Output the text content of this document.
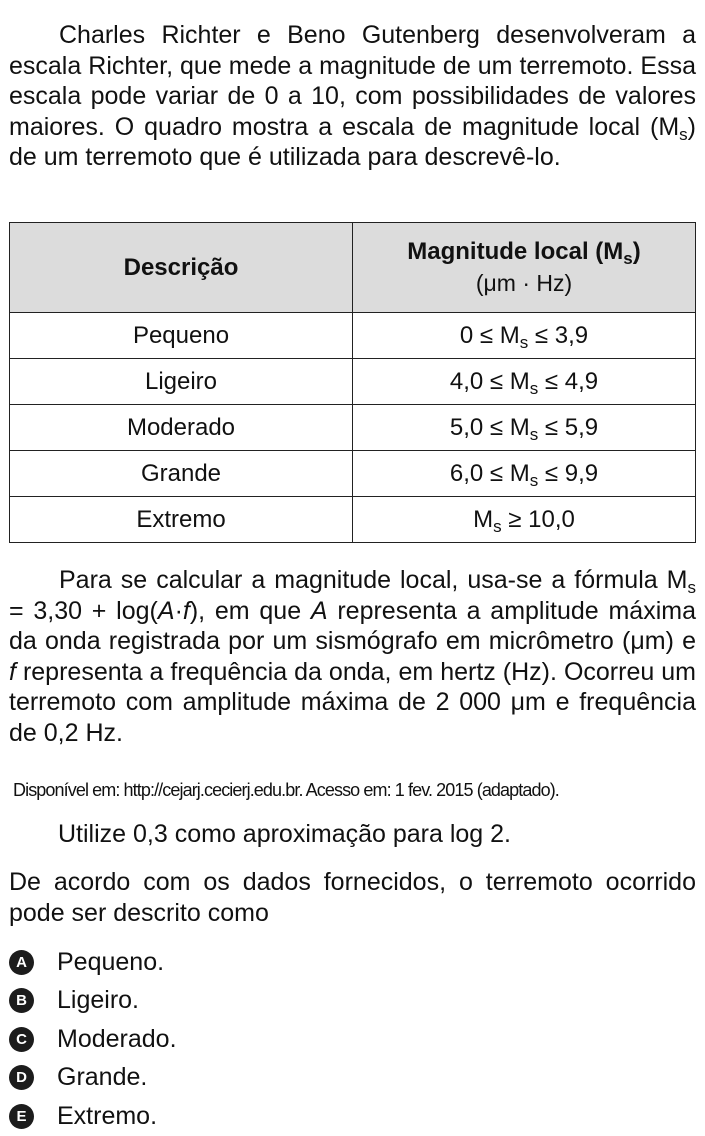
Charles Richter e Beno Gutenberg desenvolveram a escala Richter, que mede a magnitude de um terremoto. Essa escala pode variar de 0 a 10, com possibilidades de valores maiores. O quadro mostra a escala de magnitude local $(M_s)$ de um terremoto que é utilizada para descrevê-lo.

Descrição	Magnitude local $(M_s)$
(μm · Hz)

Pequeno	$0 \le M_s \le 3,9$
Ligeiro	$4,0 \le M_s \le 4,9$
Moderado	$5,0 \le M_s \le 5,9$
Grande	$6,0 \le M_s \le 9,9$
Extremo	$M_s \ge 10,0$

Para se calcular a magnitude local, usa-se a fórmula $M_s = 3,30 + \log(A\cdot f)$, em que A representa a amplitude máxima da onda registrada por um sismógrafo em micrômetro (μm) e f representa a frequência da onda, em hertz (Hz). Ocorreu um terremoto com amplitude máxima de 2 000 μm e frequência de 0,2 Hz.

Disponível em: http://cejarj.cecierj.edu.br. Acesso em: 1 fev. 2015 (adaptado).
Utilize 0,3 como aproximação para log 2.

De acordo com os dados fornecidos, o terremoto ocorrido pode ser descrito como

A Pequeno.
B Ligeiro.
C Moderado.
D Grande.
E	Extremo.
